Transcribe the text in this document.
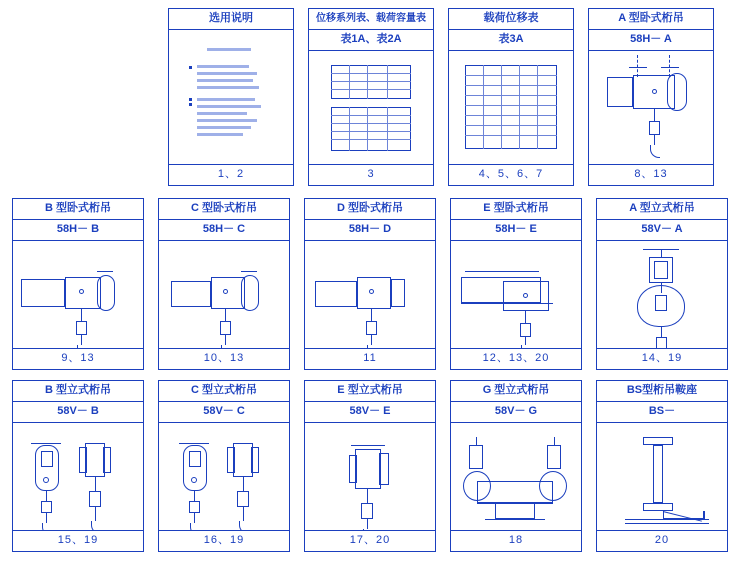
选用说明
1、2
位移系列表、载荷容量表
表1A、表2A
3
载荷位移表
表3A
4、5、6、7
A 型卧式桁吊
58H－ A
8、13
B 型卧式桁吊
58H－ B
9、13
C 型卧式桁吊
58H－ C
10、13
D 型卧式桁吊
58H－ D
11
E 型卧式桁吊
58H－ E
12、13、20
A 型立式桁吊
58V－ A
14、19
B 型立式桁吊
58V－ B
15、19
C 型立式桁吊
58V－ C
16、19
E 型立式桁吊
58V－ E
17、20
G 型立式桁吊
58V－ G
18
BS型桁吊鞍座
BS－
20
